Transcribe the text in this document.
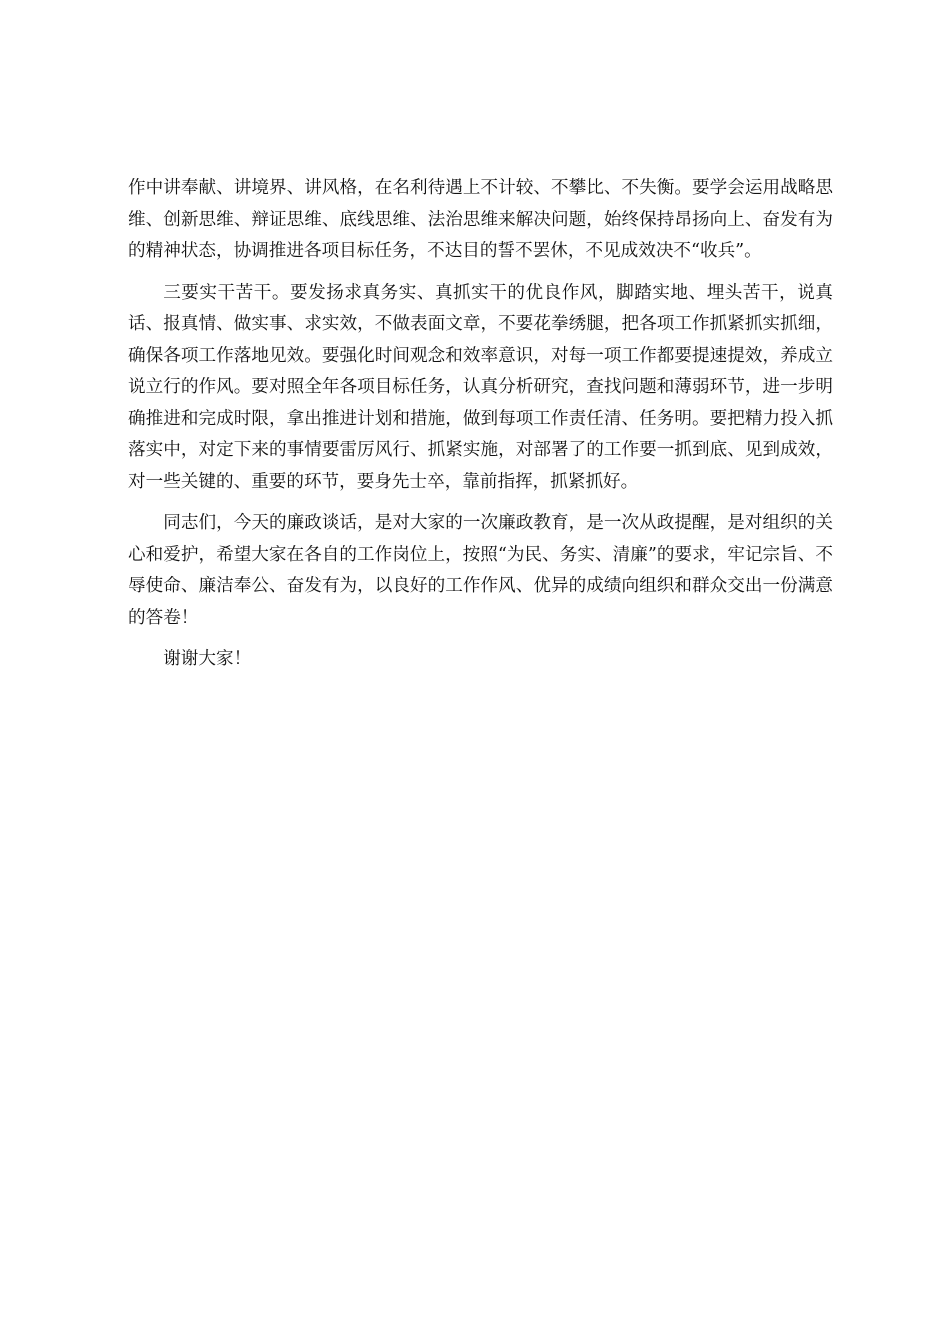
作中讲奉献、讲境界、讲风格，在名利待遇上不计较、不攀比、不失衡。要学会运用战略思维、创新思维、辩证思维、底线思维、法治思维来解决问题，始终保持昂扬向上、奋发有为的精神状态，协调推进各项目标任务，不达目的誓不罢休，不见成效决不“收兵”。

三要实干苦干。要发扬求真务实、真抓实干的优良作风，脚踏实地、埋头苦干，说真话、报真情、做实事、求实效，不做表面文章，不要花拳绣腿，把各项工作抓紧抓实抓细，确保各项工作落地见效。要强化时间观念和效率意识，对每一项工作都要提速提效，养成立说立行的作风。要对照全年各项目标任务，认真分析研究，查找问题和薄弱环节，进一步明确推进和完成时限，拿出推进计划和措施，做到每项工作责任清、任务明。要把精力投入抓落实中，对定下来的事情要雷厉风行、抓紧实施，对部署了的工作要一抓到底、见到成效，对一些关键的、重要的环节，要身先士卒，靠前指挥，抓紧抓好。

同志们，今天的廉政谈话，是对大家的一次廉政教育，是一次从政提醒，是对组织的关心和爱护，希望大家在各自的工作岗位上，按照“为民、务实、清廉”的要求，牢记宗旨、不辱使命、廉洁奉公、奋发有为，以良好的工作作风、优异的成绩向组织和群众交出一份满意的答卷！

谢谢大家！
